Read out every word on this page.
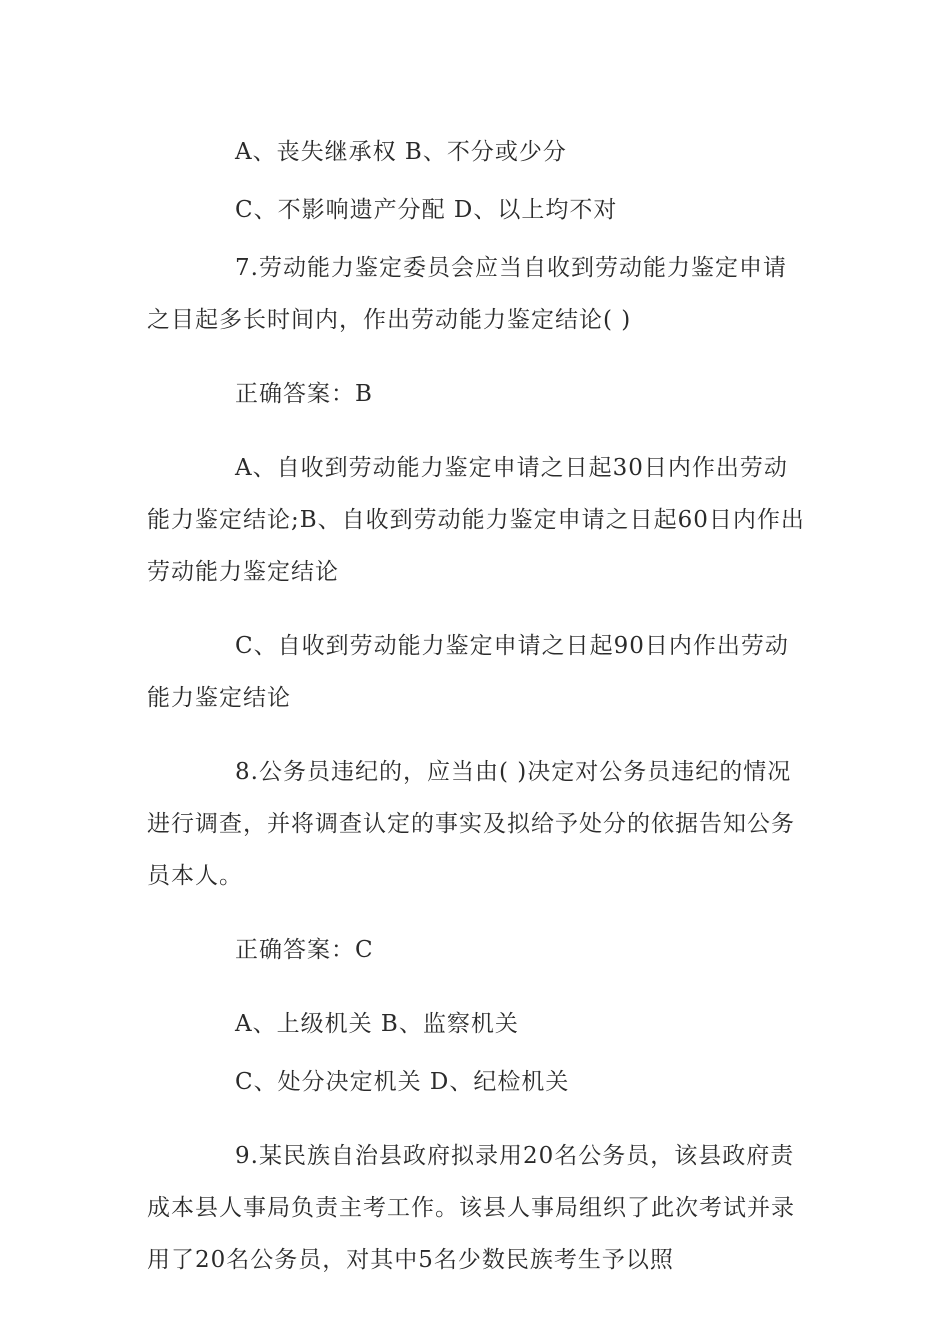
A、丧失继承权 B、不分或少分

C、不影响遗产分配 D、以上均不对

7.劳动能力鉴定委员会应当自收到劳动能力鉴定申请之目起多长时间内，作出劳动能力鉴定结论( )

正确答案：B

A、自收到劳动能力鉴定申请之日起30日内作出劳动能力鉴定结论;B、自收到劳动能力鉴定申请之日起60日内作出劳动能力鉴定结论

C、自收到劳动能力鉴定申请之日起90日内作出劳动能力鉴定结论

8.公务员违纪的，应当由( )决定对公务员违纪的情况进行调查，并将调查认定的事实及拟给予处分的依据告知公务员本人。

正确答案：C

A、上级机关 B、监察机关

C、处分决定机关 D、纪检机关

9.某民族自治县政府拟录用20名公务员，该县政府责成本县人事局负责主考工作。该县人事局组织了此次考试并录用了20名公务员，对其中5名少数民族考生予以照
